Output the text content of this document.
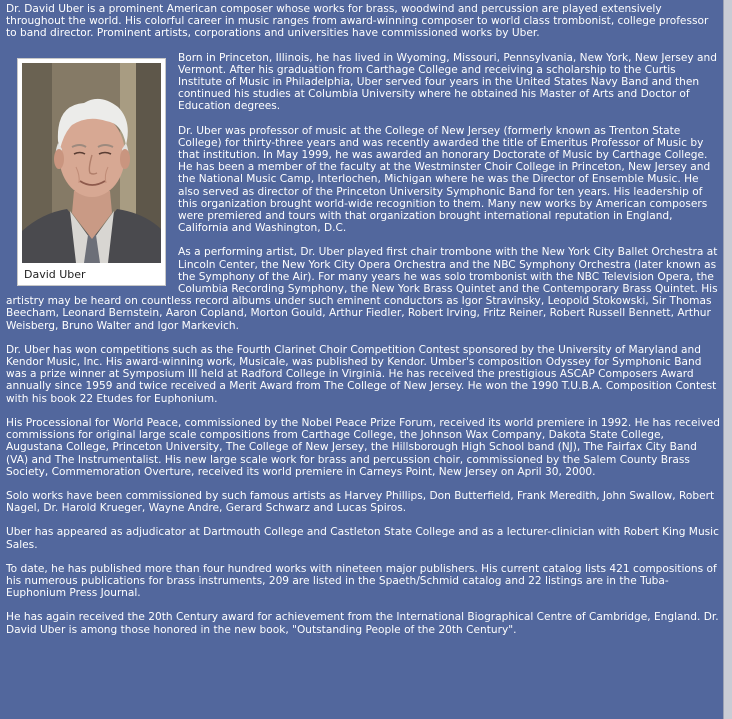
Dr. David Uber is a prominent American composer whose works for brass, woodwind and percussion are played extensively throughout the world. His colorful career in music ranges from award-winning composer to world class trombonist, college professor to band director. Prominent artists, corporations and universities have commissioned works by Uber.

David Uber

Born in Princeton, Illinois, he has lived in Wyoming, Missouri, Pennsylvania, New York, New Jersey and Vermont. After his graduation from Carthage College and receiving a scholarship to the Curtis Institute of Music in Philadelphia, Uber served four years in the United States Navy Band and then continued his studies at Columbia University where he obtained his Master of Arts and Doctor of Education degrees.

Dr. Uber was professor of music at the College of New Jersey (formerly known as Trenton State College) for thirty-three years and was recently awarded the title of Emeritus Professor of Music by that institution. In May 1999, he was awarded an honorary Doctorate of Music by Carthage College. He has been a member of the faculty at the Westminster Choir College in Princeton, New Jersey and the National Music Camp, Interlochen, Michigan where he was the Director of Ensemble Music. He also served as director of the Princeton University Symphonic Band for ten years. His leadership of this organization brought world-wide recognition to them. Many new works by American composers were premiered and tours with that organization brought international reputation in England, California and Washington, D.C.

As a performing artist, Dr. Uber played first chair trombone with the New York City Ballet Orchestra at Lincoln Center, the New York City Opera Orchestra and the NBC Symphony Orchestra (later known as the Symphony of the Air). For many years he was solo trombonist with the NBC Television Opera, the Columbia Recording Symphony, the New York Brass Quintet and the Contemporary Brass Quintet. His artistry may be heard on countless record albums under such eminent conductors as Igor Stravinsky, Leopold Stokowski, Sir Thomas Beecham, Leonard Bernstein, Aaron Copland, Morton Gould, Arthur Fiedler, Robert Irving, Fritz Reiner, Robert Russell Bennett, Arthur Weisberg, Bruno Walter and Igor Markevich.

Dr. Uber has won competitions such as the Fourth Clarinet Choir Competition Contest sponsored by the University of Maryland and Kendor Music, Inc. His award-winning work, Musicale, was published by Kendor. Umber's composition Odyssey for Symphonic Band was a prize winner at Symposium III held at Radford College in Virginia. He has received the prestigious ASCAP Composers Award annually since 1959 and twice received a Merit Award from The College of New Jersey. He won the 1990 T.U.B.A. Composition Contest with his book 22 Etudes for Euphonium.

His Processional for World Peace, commissioned by the Nobel Peace Prize Forum, received its world premiere in 1992. He has received commissions for original large scale compositions from Carthage College, the Johnson Wax Company, Dakota State College, Augustana College, Princeton University, The College of New Jersey, the Hillsborough High School band (NJ), The Fairfax City Band (VA) and The Instrumentalist. His new large scale work for brass and percussion choir, commissioned by the Salem County Brass Society, Commemoration Overture, received its world premiere in Carneys Point, New Jersey on April 30, 2000.

Solo works have been commissioned by such famous artists as Harvey Phillips, Don Butterfield, Frank Meredith, John Swallow, Robert Nagel, Dr. Harold Krueger, Wayne Andre, Gerard Schwarz and Lucas Spiros.

Uber has appeared as adjudicator at Dartmouth College and Castleton State College and as a lecturer-clinician with Robert King Music Sales.

To date, he has published more than four hundred works with nineteen major publishers. His current catalog lists 421 compositions of his numerous publications for brass instruments, 209 are listed in the Spaeth/Schmid catalog and 22 listings are in the Tuba-Euphonium Press Journal.

He has again received the 20th Century award for achievement from the International Biographical Centre of Cambridge, England. Dr. David Uber is among those honored in the new book, "Outstanding People of the 20th Century".
